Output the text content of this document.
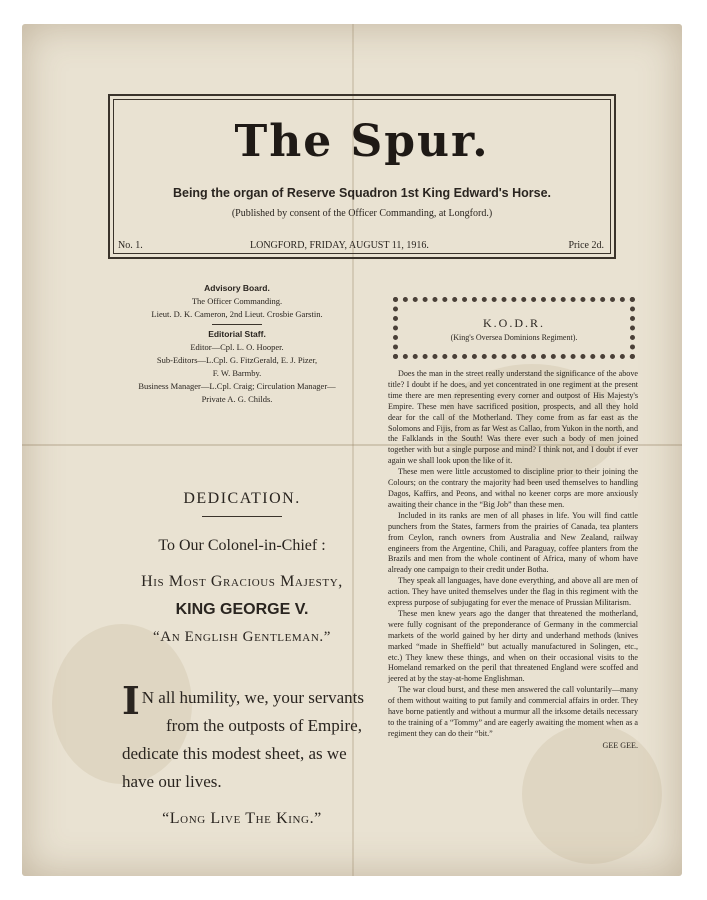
The Spur.
Being the organ of Reserve Squadron 1st King Edward's Horse.
(Published by consent of the Officer Commanding, at Longford.)
No. 1.	LONGFORD, FRIDAY, AUGUST 11, 1916.	Price 2d.
Advisory Board.
The Officer Commanding.
Lieut. D. K. Cameron, 2nd Lieut. Crosbie Garstin.
Editorial Staff.
Editor—Cpl. L. O. Hooper.
Sub-Editors—L.Cpl. G. FitzGerald, E. J. Pizer,
F. W. Barmby.
Business Manager—L.Cpl. Craig; Circulation Manager—
Private A. G. Childs.
K.O.D.R.
(King's Oversea Dominions Regiment).

Does the man in the street really understand the significance of the above title? I doubt if he does, and yet concentrated in one regiment at the present time there are men representing every corner and outpost of His Majesty's Empire. These men have sacrificed position, prospects, and all they hold dear for the call of the Motherland. They come from as far east as the Solomons and Fijis, from as far West as Callao, from Yukon in the north, and the Falklands in the South! Was there ever such a body of men joined together with but a single purpose and mind? I think not, and I doubt if ever again we shall look upon the like of it.

These men were little accustomed to discipline prior to their joining the Colours; on the contrary the majority had been used themselves to handling Dagos, Kaffirs, and Peons, and withal no keener corps are more anxiously awaiting their chance in the “Big Job” than these men.

Included in its ranks are men of all phases in life. You will find cattle punchers from the States, farmers from the prairies of Canada, tea planters from Ceylon, ranch owners from Australia and New Zealand, railway engineers from the Argentine, Chili, and Paraguay, coffee planters from the Brazils and men from the whole continent of Africa, many of whom have already one campaign to their credit under Botha.

They speak all languages, have done everything, and above all are men of action. They have united themselves under the flag in this regiment with the express purpose of subjugating for ever the menace of Prussian Militarism.

These men knew years ago the danger that threatened the motherland, were fully cognisant of the preponderance of Germany in the commercial markets of the world gained by her dirty and underhand methods (knives marked “made in Sheffield” but actually manufactured in Solingen, etc., etc.) They knew these things, and when on their occasional visits to the Homeland remarked on the peril that threatened England were scoffed and jeered at by the stay-at-home Englishman.

The war cloud burst, and these men answered the call voluntarily—many of them without waiting to put family and commercial affairs in order. They have borne patiently and without a murmur all the irksome details necessary to the training of a “Tommy” and are eagerly awaiting the moment when as a regiment they can do their “bit.”

GEE GEE.
DEDICATION.
To Our Colonel-in-Chief :
His Most Gracious Majesty,
KING GEORGE V.
“An English Gentleman.”
I N all humility, we, your servants
from the outposts of Empire,
dedicate this modest sheet, as we
have our lives.
“Long Live The King.”
